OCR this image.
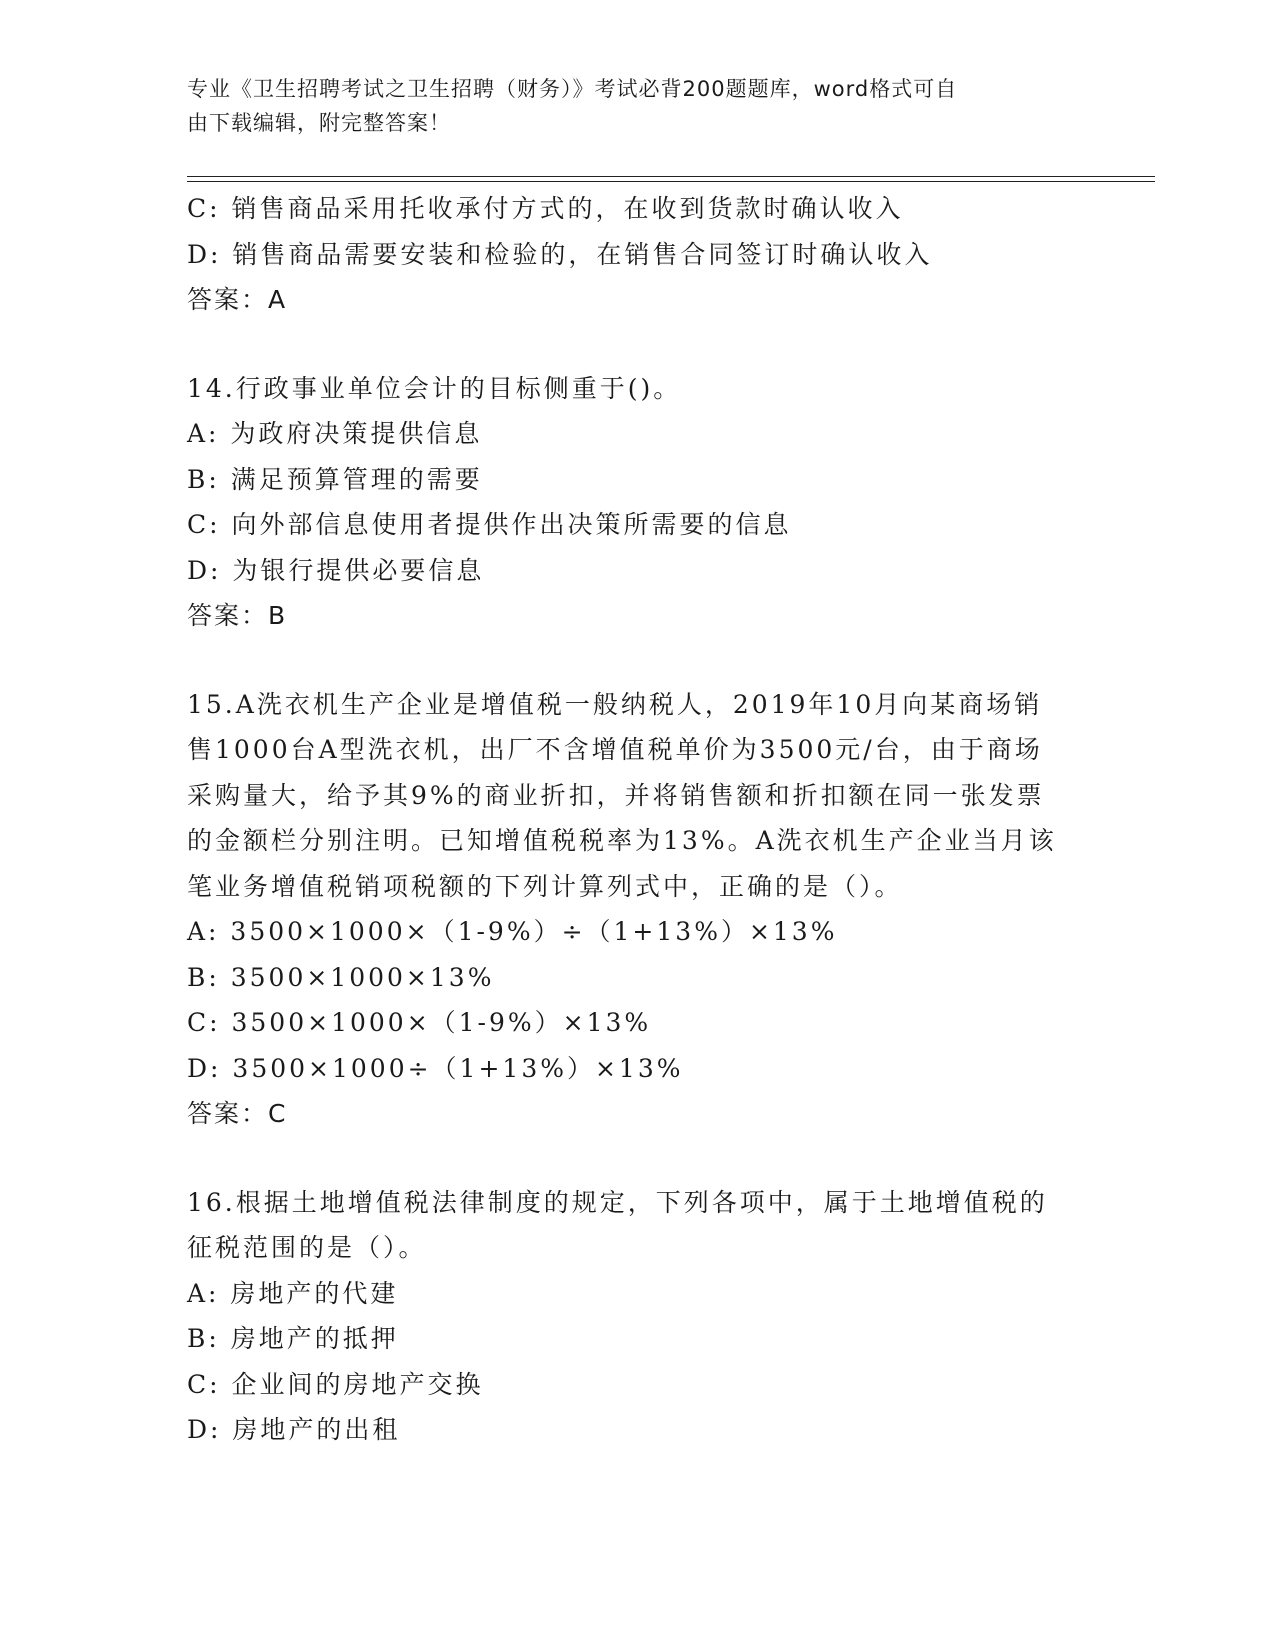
专业《卫生招聘考试之卫生招聘（财务）》考试必背200题题库，word格式可自
由下载编辑，附完整答案！
C: 销售商品采用托收承付方式的，在收到货款时确认收入
D: 销售商品需要安装和检验的，在销售合同签订时确认收入
答案：A
14.行政事业单位会计的目标侧重于()。
A: 为政府决策提供信息
B: 满足预算管理的需要
C: 向外部信息使用者提供作出决策所需要的信息
D: 为银行提供必要信息
答案：B
15.A洗衣机生产企业是增值税一般纳税人，2019年10月向某商场销
售1000台A型洗衣机，出厂不含增值税单价为3500元/台，由于商场
采购量大，给予其9%的商业折扣，并将销售额和折扣额在同一张发票
的金额栏分别注明。已知增值税税率为13%。A洗衣机生产企业当月该
笔业务增值税销项税额的下列计算列式中，正确的是（）。
A: 3500×1000×（1-9%）÷（1+13%）×13%
B: 3500×1000×13%
C: 3500×1000×（1-9%）×13%
D: 3500×1000÷（1+13%）×13%
答案：C
16.根据土地增值税法律制度的规定，下列各项中，属于土地增值税的
征税范围的是（）。
A: 房地产的代建
B: 房地产的抵押
C: 企业间的房地产交换
D: 房地产的出租
